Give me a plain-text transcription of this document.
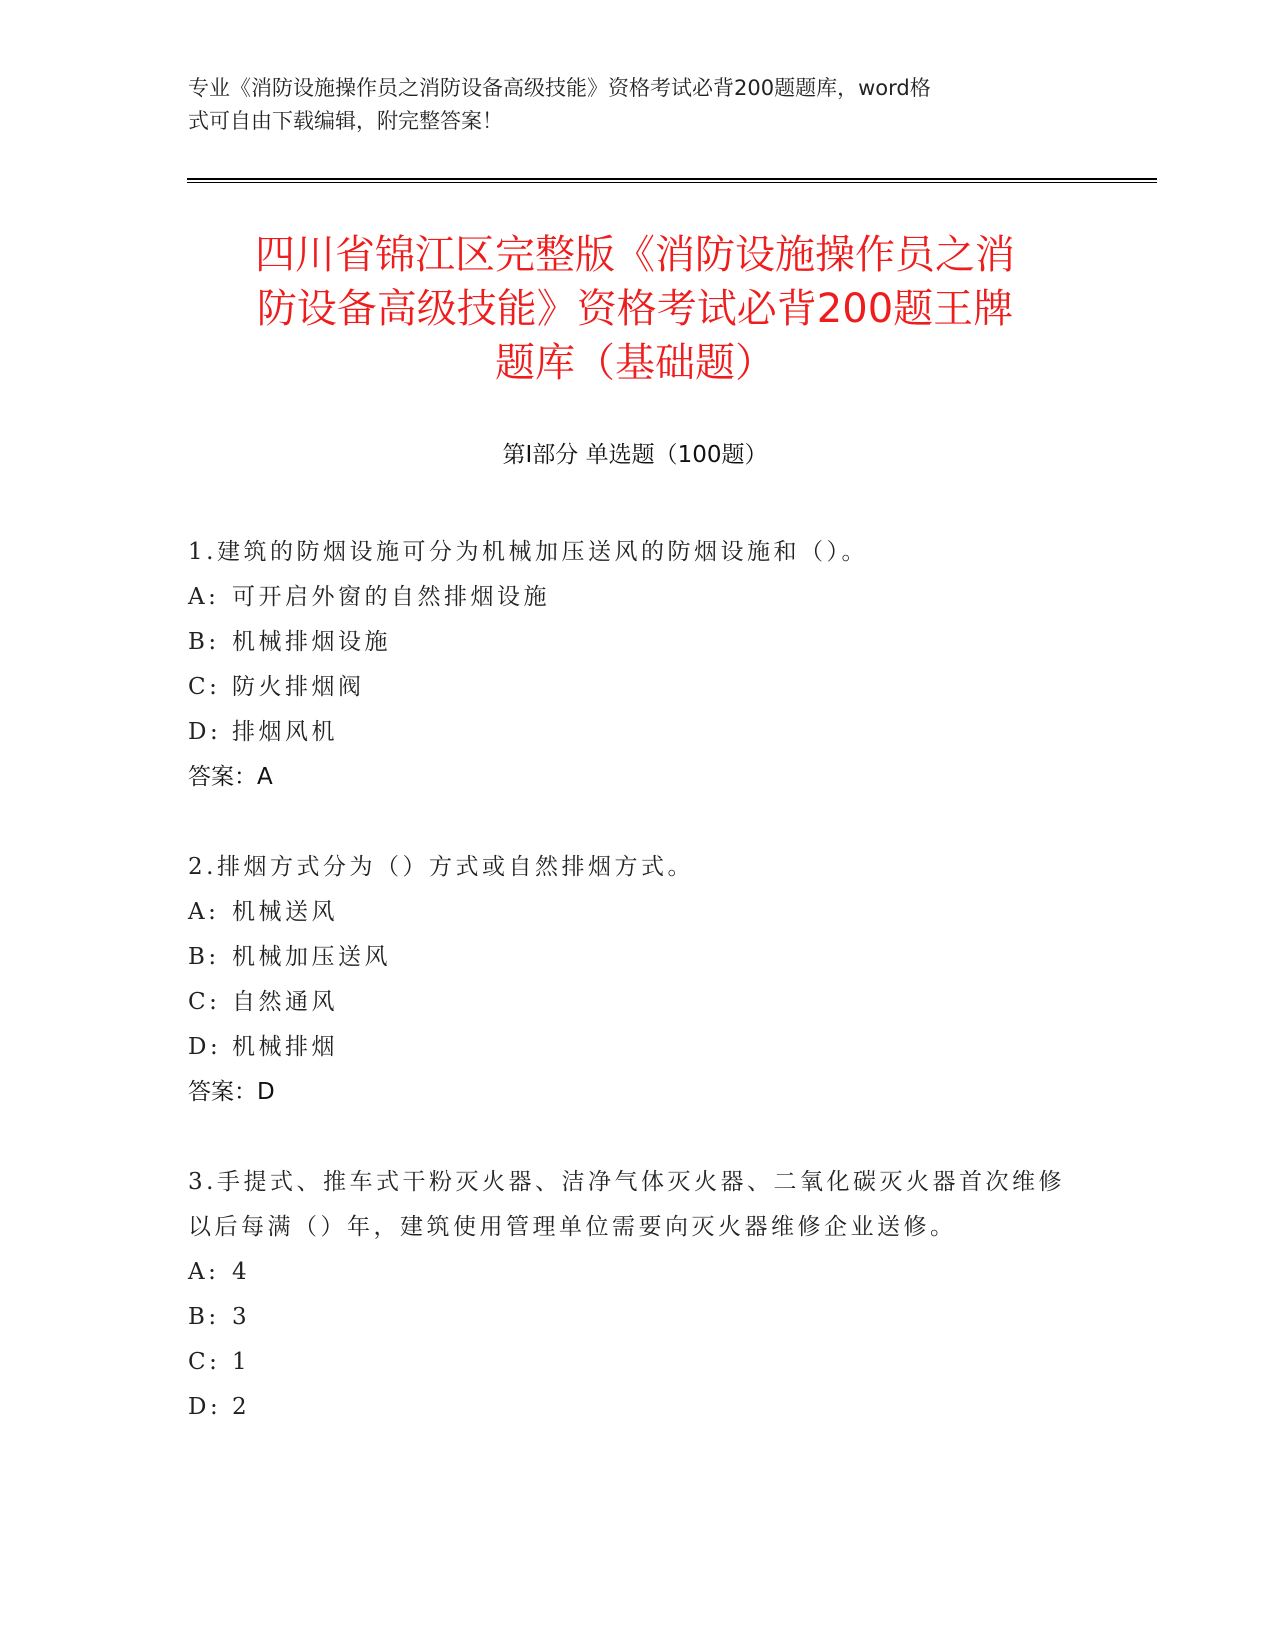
专业《消防设施操作员之消防设备高级技能》资格考试必背200题题库，word格
式可自由下载编辑，附完整答案！
四川省锦江区完整版《消防设施操作员之消
防设备高级技能》资格考试必背200题王牌
题库（基础题）
第Ⅰ部分 单选题（100题）
1.建筑的防烟设施可分为机械加压送风的防烟设施和（）。
A: 可开启外窗的自然排烟设施
B: 机械排烟设施
C: 防火排烟阀
D: 排烟风机
答案：A
2.排烟方式分为（）方式或自然排烟方式。
A: 机械送风
B: 机械加压送风
C: 自然通风
D: 机械排烟
答案：D
3.手提式、推车式干粉灭火器、洁净气体灭火器、二氧化碳灭火器首次维修以后每满（）年，建筑使用管理单位需要向灭火器维修企业送修。
A: 4
B: 3
C: 1
D: 2
